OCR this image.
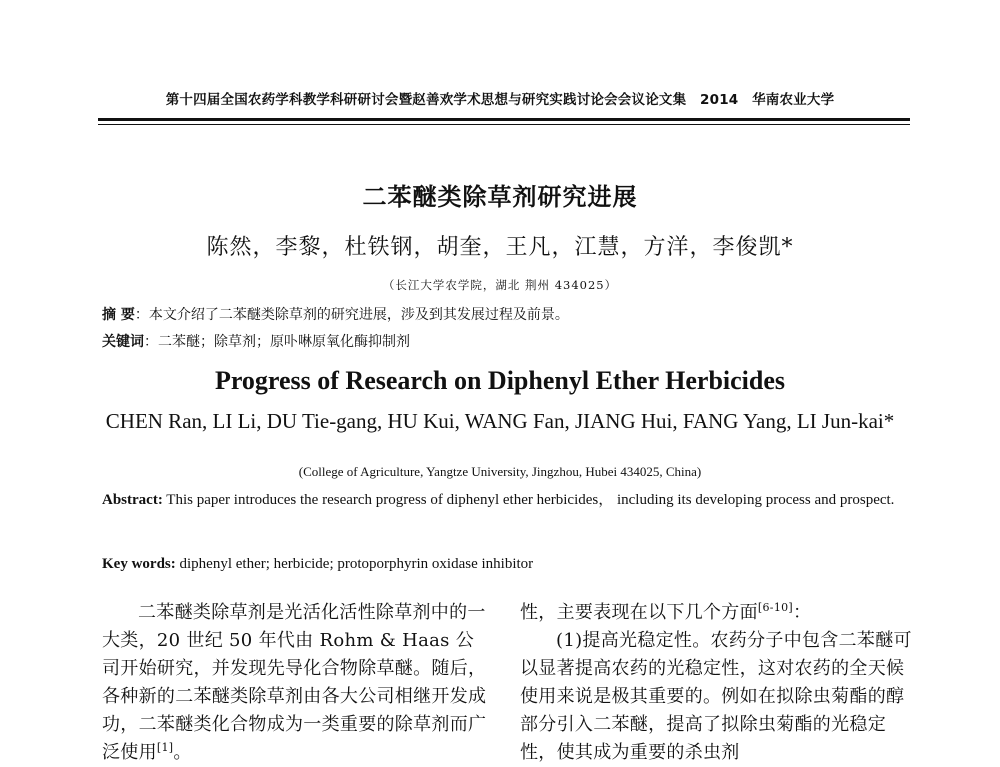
第十四届全国农药学科教学科研研讨会暨赵善欢学术思想与研究实践讨论会会议论文集　2014　华南农业大学
二苯醚类除草剂研究进展
陈然，李黎，杜铁钢，胡奎，王凡，江慧，方洋，李俊凯*
（长江大学农学院，湖北 荆州 434025）
摘 要：本文介绍了二苯醚类除草剂的研究进展，涉及到其发展过程及前景。
关键词：二苯醚；除草剂；原卟啉原氧化酶抑制剂
Progress of Research on Diphenyl Ether Herbicides
CHEN Ran, LI Li, DU Tie-gang, HU Kui, WANG Fan, JIANG Hui, FANG Yang, LI Jun-kai*
(College of Agriculture, Yangtze University, Jingzhou, Hubei 434025, China)
Abstract: This paper introduces the research progress of diphenyl ether herbicides， including its developing process and prospect.
Key words: diphenyl ether; herbicide; protoporphyrin oxidase inhibitor

二苯醚类除草剂是光活化活性除草剂中的一大类，20 世纪 50 年代由 Rohm & Haas 公司开始研究，并发现先导化合物除草醚。随后，各种新的二苯醚类除草剂由各大公司相继开发成功，二苯醚类化合物成为一类重要的除草剂而广泛使用[1]。

性，主要表现在以下几个方面[6-10]：

(1)提高光稳定性。农药分子中包含二苯醚可以显著提高农药的光稳定性，这对农药的全天候使用来说是极其重要的。例如在拟除虫菊酯的醇部分引入二苯醚，提高了拟除虫菊酯的光稳定性，使其成为重要的杀虫剂
